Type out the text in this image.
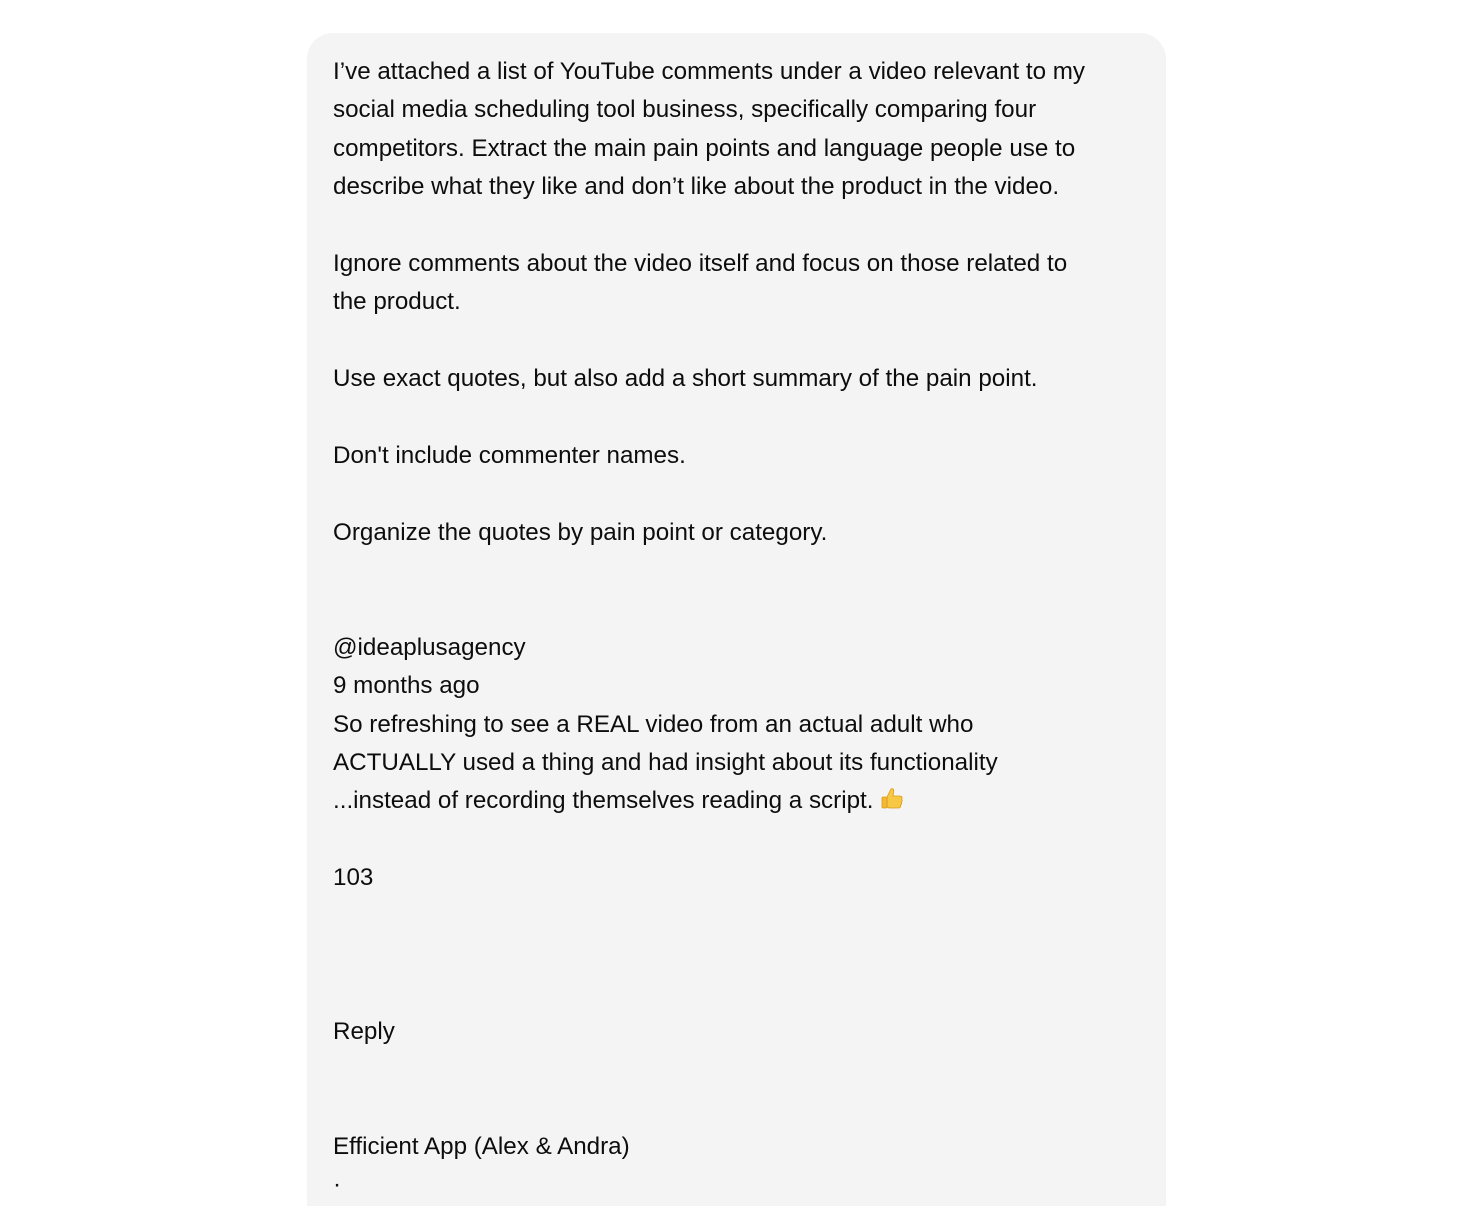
I’ve attached a list of YouTube comments under a video relevant to my
social media scheduling tool business, specifically comparing four
competitors. Extract the main pain points and language people use to
describe what they like and don’t like about the product in the video.
Ignore comments about the video itself and focus on those related to
the product.
Use exact quotes, but also add a short summary of the pain point.
Don't include commenter names.
Organize the quotes by pain point or category.
@ideaplusagency
9 months ago
So refreshing to see a REAL video from an actual adult who
ACTUALLY used a thing and had insight about its functionality
...instead of recording themselves reading a script.
103
Reply
Efficient App (Alex & Andra)
·
